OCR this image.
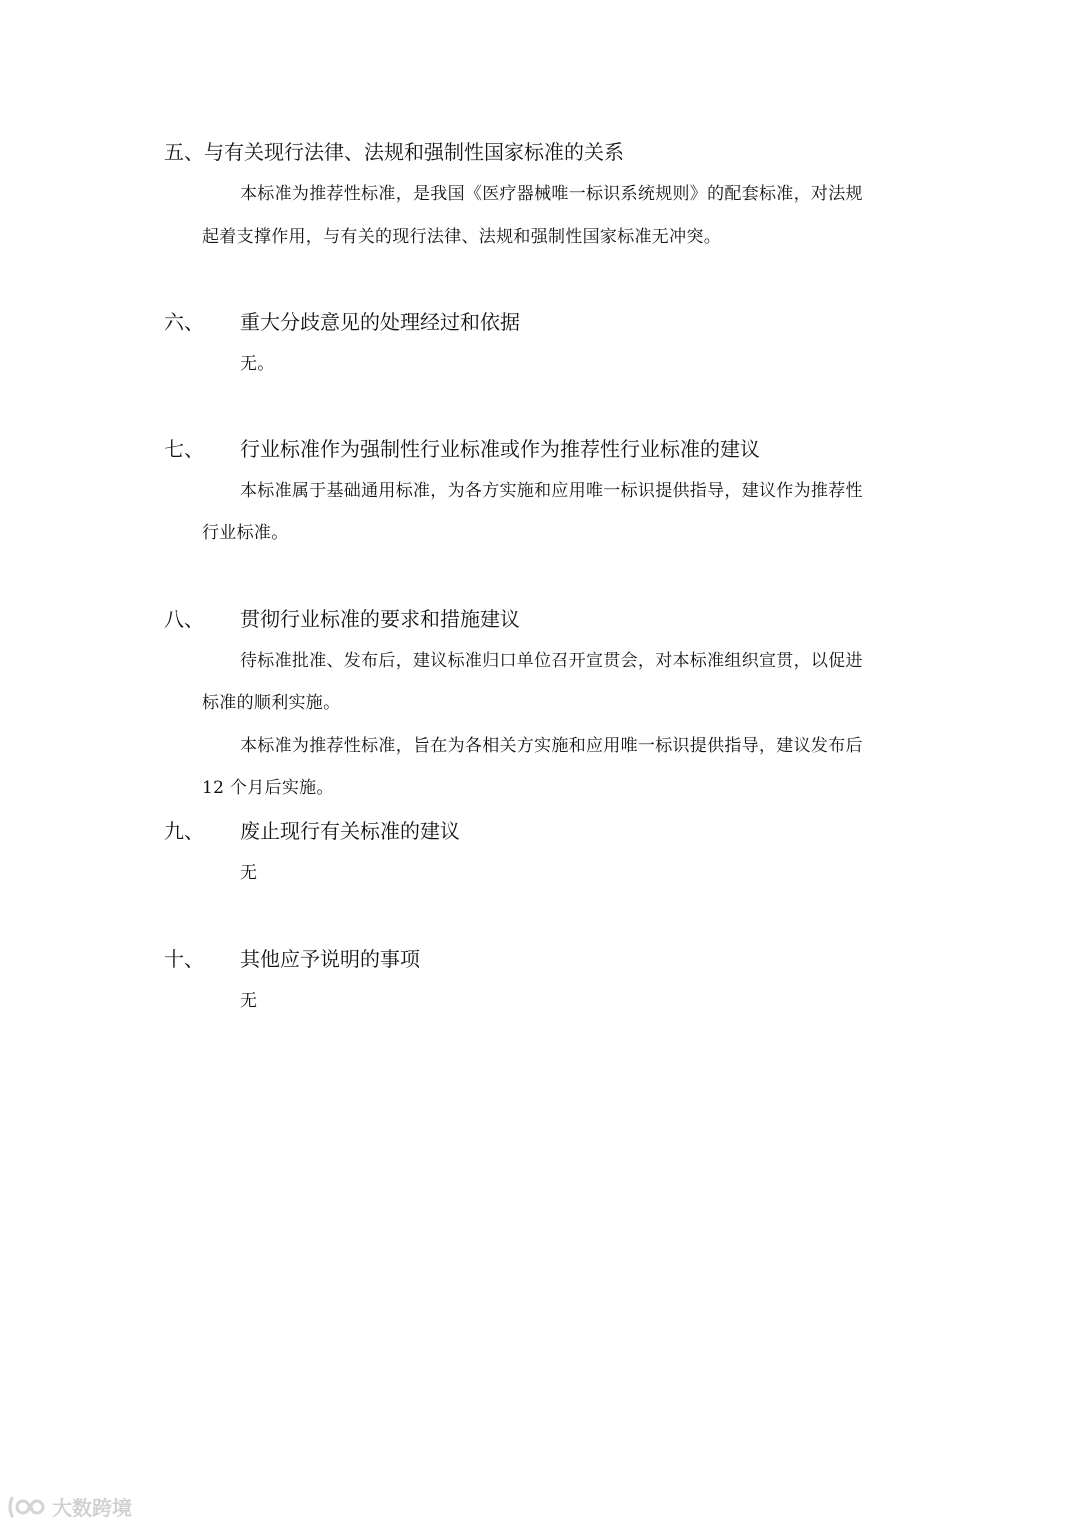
五、与有关现行法律、法规和强制性国家标准的关系
本标准为推荐性标准，是我国《医疗器械唯一标识系统规则》的配套标准，对法规
起着支撑作用，与有关的现行法律、法规和强制性国家标准无冲突。
六、 重大分歧意见的处理经过和依据
无。
七、 行业标准作为强制性行业标准或作为推荐性行业标准的建议
本标准属于基础通用标准，为各方实施和应用唯一标识提供指导，建议作为推荐性
行业标准。
八、 贯彻行业标准的要求和措施建议
待标准批准、发布后，建议标准归口单位召开宣贯会，对本标准组织宣贯，以促进
标准的顺利实施。
本标准为推荐性标准，旨在为各相关方实施和应用唯一标识提供指导，建议发布后
12 个月后实施。
九、 废止现行有关标准的建议
无
十、 其他应予说明的事项
无
大数跨境
